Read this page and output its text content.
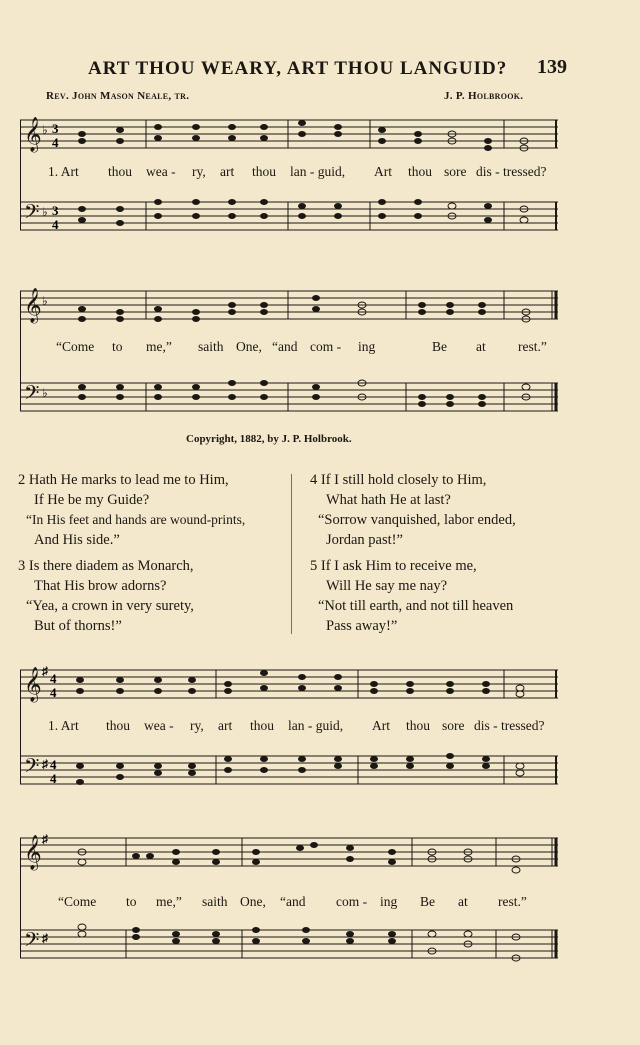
ART THOU WEARY, ART THOU LANGUID?	139
Rev. John Mason Neale, tr.	J. P. Holbrook.
𝄞
𝄢
♭
♭
3
4
3
4
1. Art thou wea - ry, art thou lan - guid, Art thou sore dis - tressed?
𝄞
𝄢
♭
♭
“Come to me,” saith One, “and com - ing	Be at rest.”
Copyright, 1882, by J. P. Holbrook.
2 Hath He marks to lead me to Him,
If He be my Guide?
“In His feet and hands are wound-prints,
And His side.”
3 Is there diadem as Monarch,
That His brow adorns?
“Yea, a crown in very surety,
But of thorns!”
4 If I still hold closely to Him,
What hath He at last?
“Sorrow vanquished, labor ended,
Jordan past!”
5 If I ask Him to receive me,
Will He say me nay?
“Not till earth, and not till heaven
Pass away!”
𝄞
𝄢
♯
♯
4
4
4
4
1. Art thou wea - ry, art thou lan - guid, Art thou sore dis - tressed?
𝄞
𝄢
♯
♯
“Come to me,” saith One, “and com - ing Be at rest.”
